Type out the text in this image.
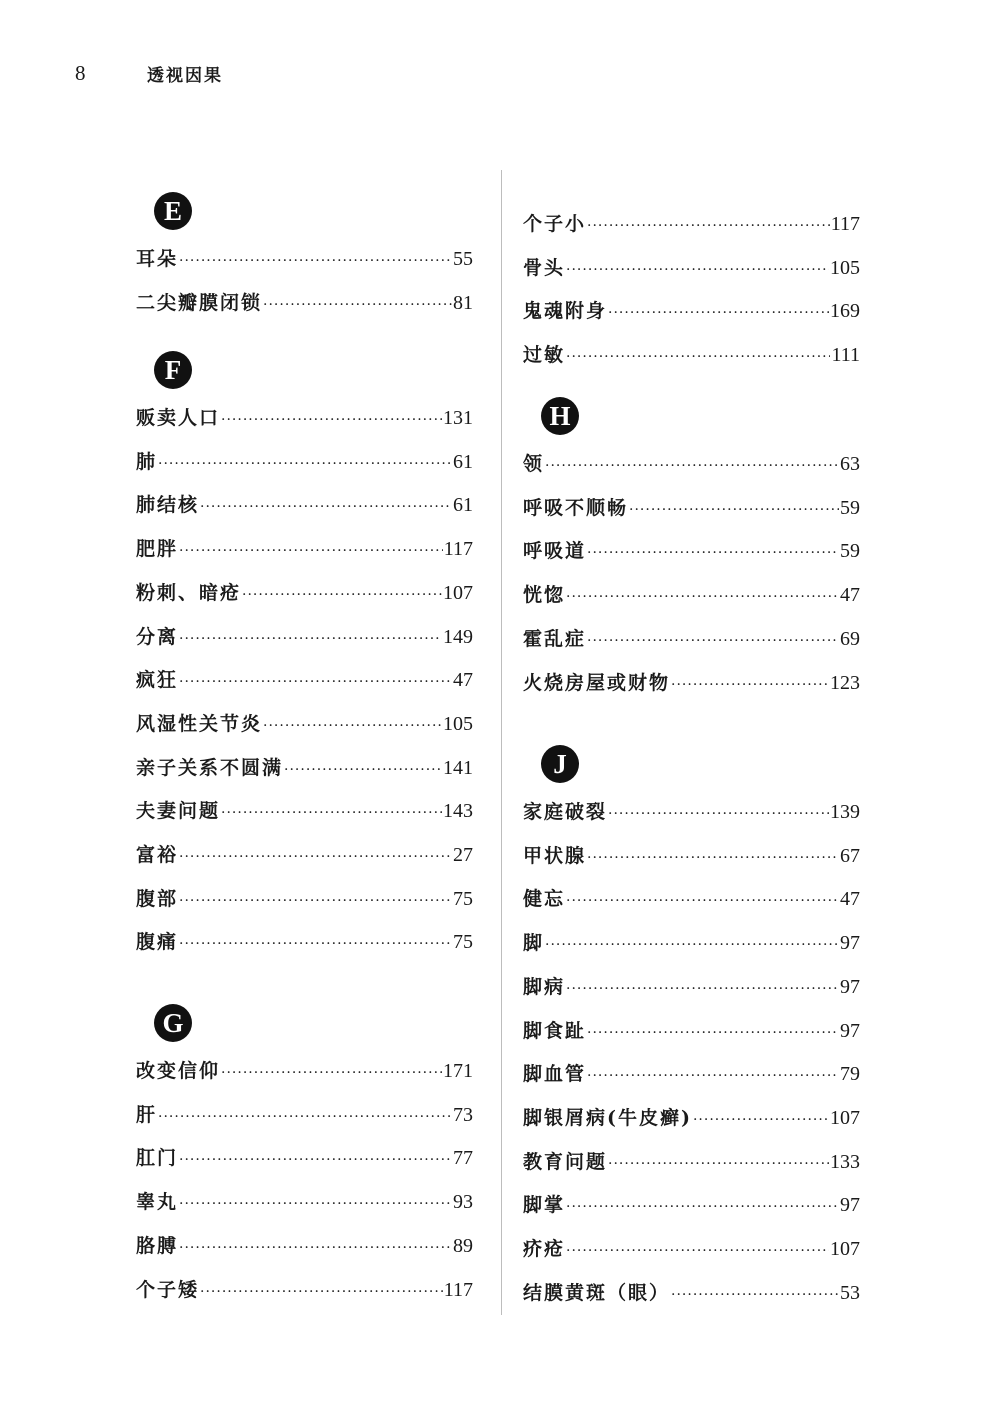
8	透视因果
E
耳朵 ·····	55
二尖瓣膜闭锁 ·····	81
F
贩卖人口 ·····	131
肺 ·····	61
肺结核 ·····	61
肥胖 ·····	117
粉刺、暗疮 ·····	107
分离 ·····	149
疯狂 ·····	47
风湿性关节炎 ·····	105
亲子关系不圆满 ·····	141
夫妻问题 ·····	143
富裕 ·····	27
腹部 ·····	75
腹痛 ·····	75
G
改变信仰 ·····	171
肝 ·····	73
肛门 ·····	77
睾丸 ·····	93
胳膊 ·····	89
个子矮 ·····	117
个子小 ·····	117
骨头 ·····	105
鬼魂附身 ·····	169
过敏 ·····	111
H
领 ·····	63
呼吸不顺畅 ·····	59
呼吸道 ·····	59
恍惚 ·····	47
霍乱症 ·····	69
火烧房屋或财物 ·····	123
J
家庭破裂 ·····	139
甲状腺 ·····	67
健忘 ·····	47
脚 ·····	97
脚病 ·····	97
脚食趾 ·····	97
脚血管 ·····	79
脚银屑病(牛皮癣) ·····	107
教育问题 ·····	133
脚掌 ·····	97
疥疮 ·····	107
结膜黄斑（眼） ·····	53
